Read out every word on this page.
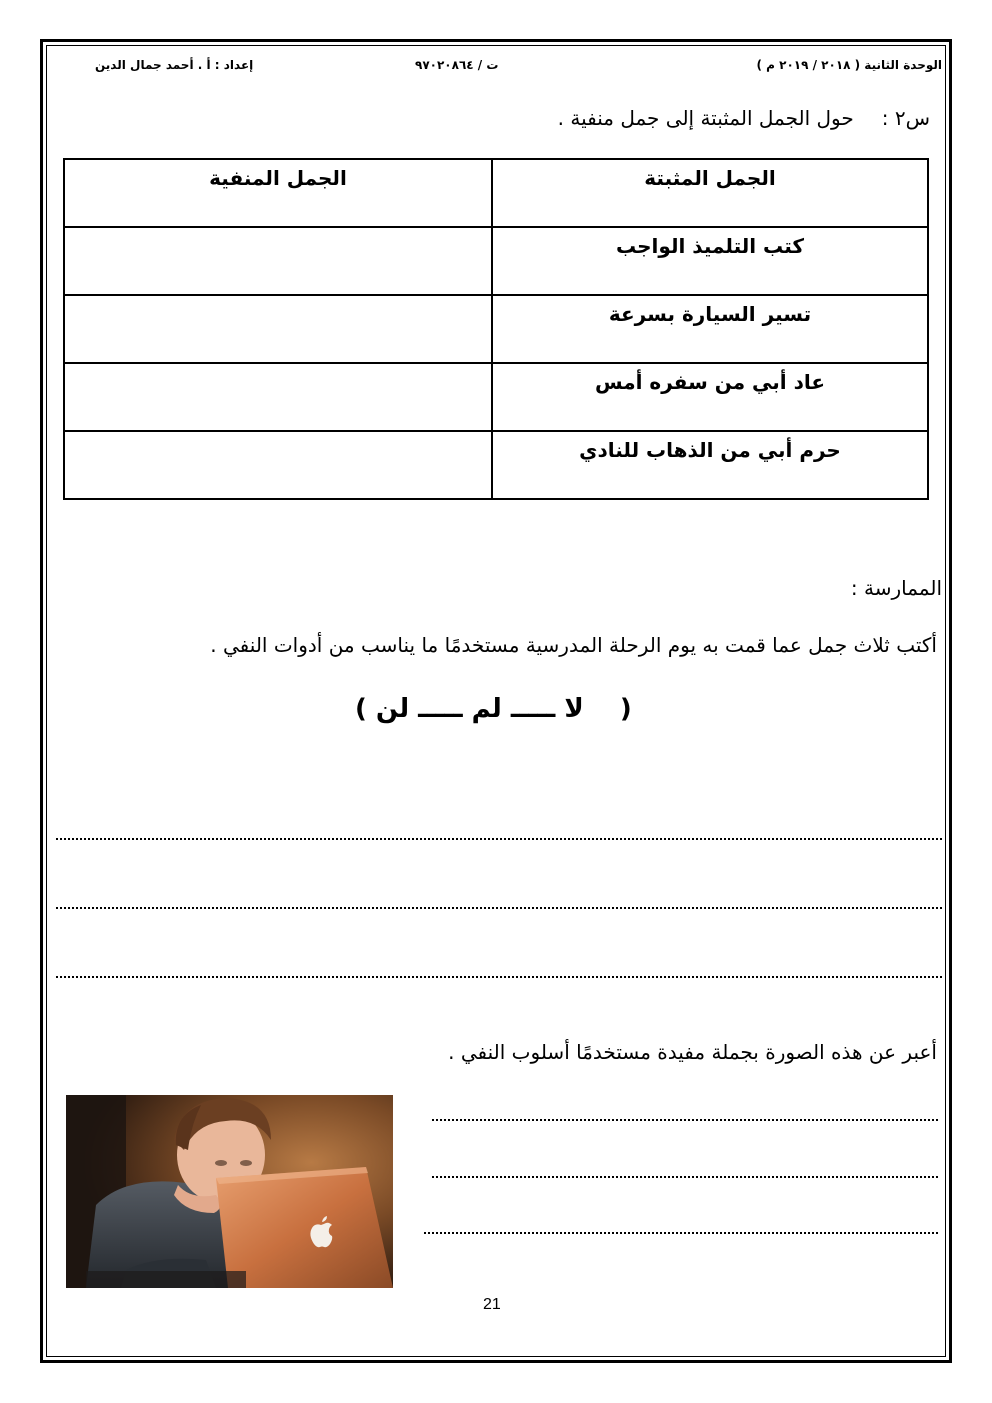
الوحدة الثانية ( ٢٠١٨ / ٢٠١٩ م )
ت / ٩٧٠٢٠٨٦٤
إعداد : أ . أحمد جمال الدين
س٢ :حول الجمل المثبتة إلى جمل منفية .
الجمل المثبتة	الجمل المنفية
كتب التلميذ الواجب	
تسير السيارة بسرعة	
عاد أبي من سفره أمس	
حرم أبي من الذهاب للنادي	
الممارسة :
أكتب ثلاث جمل عما قمت به يوم الرحلة المدرسية مستخدمًا ما يناسب من أدوات النفي .
(    لا ـــــ لم ـــــ لن )
أعبر عن هذه الصورة بجملة مفيدة مستخدمًا أسلوب النفي .
21
